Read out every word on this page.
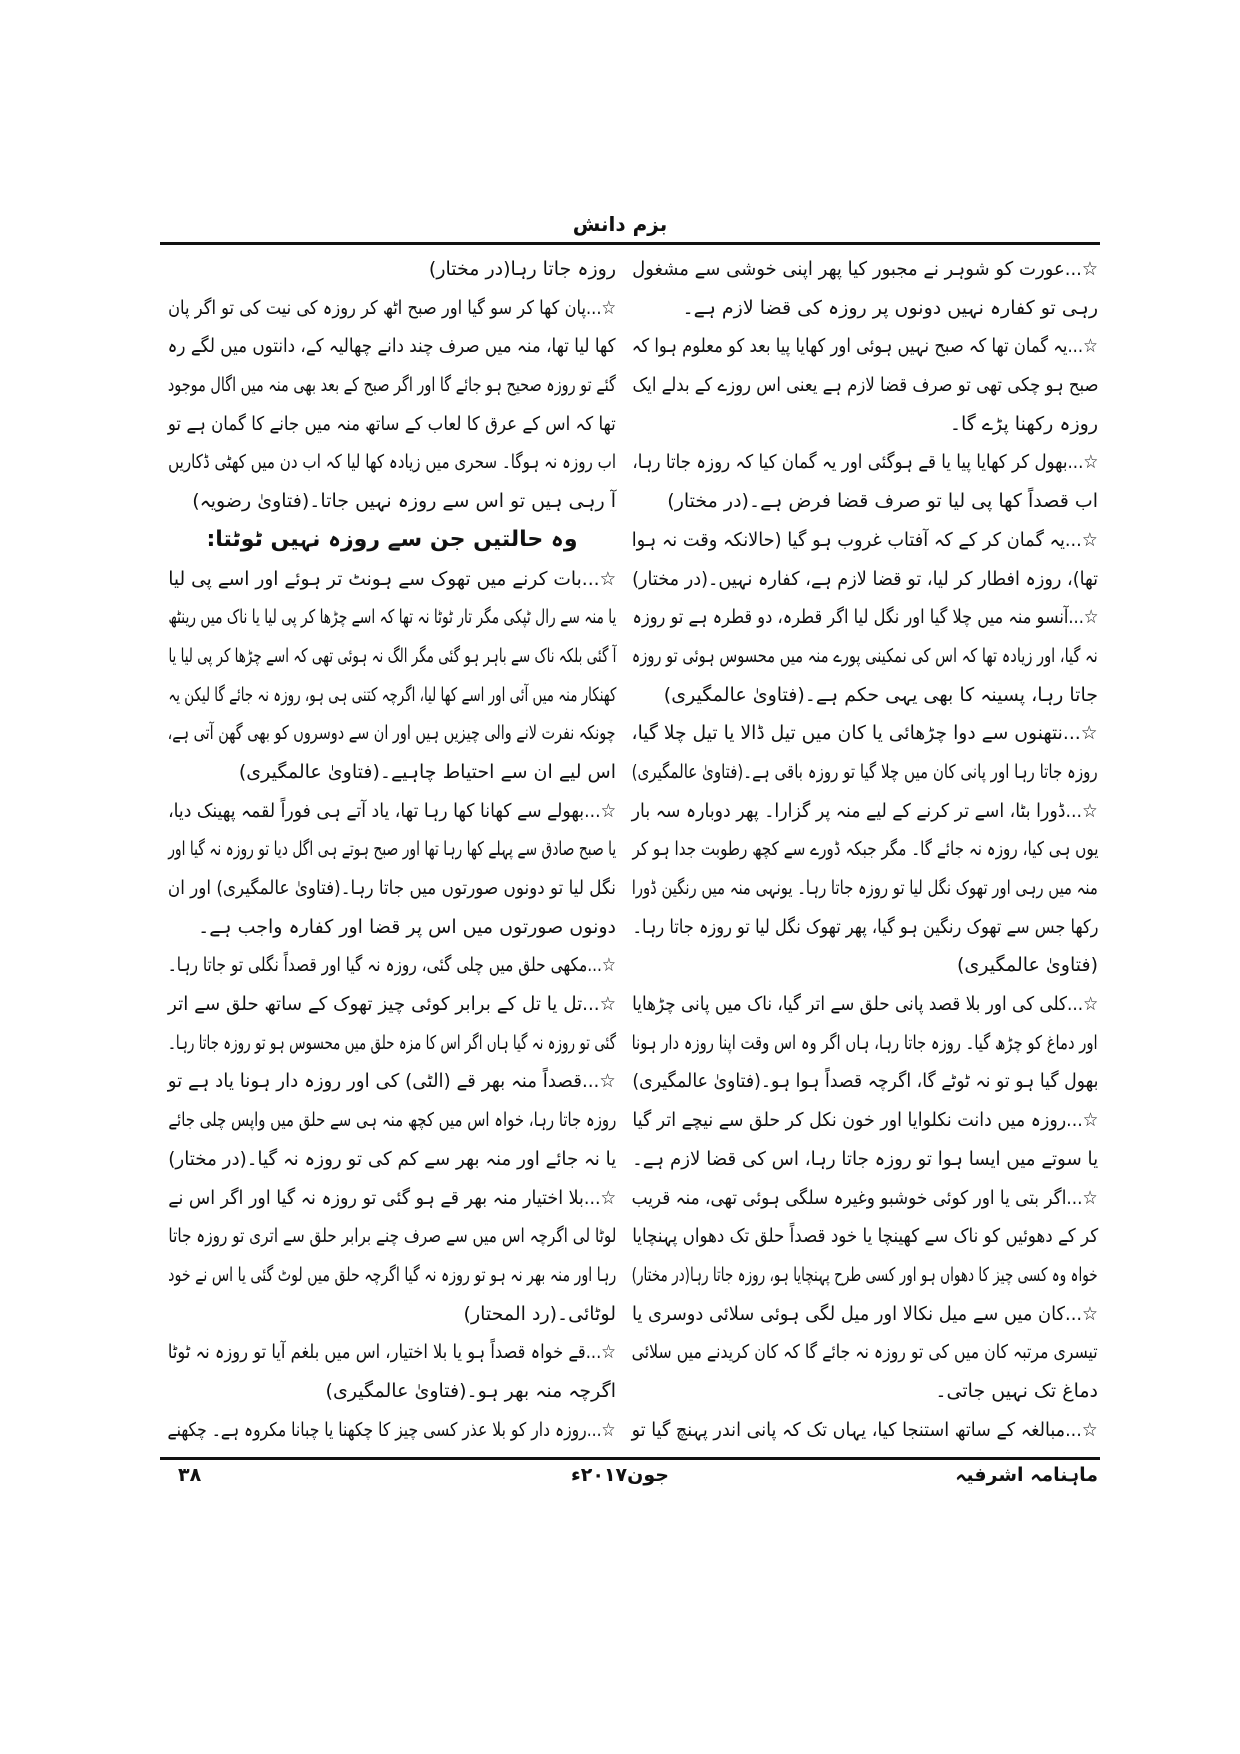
بزم دانش
☆...عورت کو شوہر نے مجبور کیا پھر اپنی خوشی سے مشغول
رہی تو کفارہ نہیں دونوں پر روزہ کی قضا لازم ہے۔
☆...یہ گمان تھا کہ صبح نہیں ہوئی اور کھایا پیا بعد کو معلوم ہوا کہ
صبح ہو چکی تھی تو صرف قضا لازم ہے یعنی اس روزے کے بدلے ایک
روزہ رکھنا پڑے گا۔
☆...بھول کر کھایا پیا یا قے ہوگئی اور یہ گمان کیا کہ روزہ جاتا رہا،
اب قصداً کھا پی لیا تو صرف قضا فرض ہے۔(در مختار)
☆...یہ گمان کر کے کہ آفتاب غروب ہو گیا (حالانکہ وقت نہ ہوا
تھا)، روزہ افطار کر لیا، تو قضا لازم ہے، کفارہ نہیں۔(در مختار)
☆...آنسو منہ میں چلا گیا اور نگل لیا اگر قطرہ، دو قطرہ ہے تو روزہ
نہ گیا، اور زیادہ تھا کہ اس کی نمکینی پورے منہ میں محسوس ہوئی تو روزہ
جاتا رہا، پسینہ کا بھی یہی حکم ہے۔(فتاویٰ عالمگیری)
☆...نتھنوں سے دوا چڑھائی یا کان میں تیل ڈالا یا تیل چلا گیا،
روزہ جاتا رہا اور پانی کان میں چلا گیا تو روزہ باقی ہے۔(فتاویٰ عالمگیری)
☆...ڈورا بٹا، اسے تر کرنے کے لیے منہ پر گزارا۔ پھر دوبارہ سہ بار
یوں ہی کیا، روزہ نہ جائے گا۔ مگر جبکہ ڈورے سے کچھ رطوبت جدا ہو کر
منہ میں رہی اور تھوک نگل لیا تو روزہ جاتا رہا۔ یونہی منہ میں رنگین ڈورا
رکھا جس سے تھوک رنگین ہو گیا، پھر تھوک نگل لیا تو روزہ جاتا رہا۔
(فتاویٰ عالمگیری)
☆...کلی کی اور بلا قصد پانی حلق سے اتر گیا، ناک میں پانی چڑھایا
اور دماغ کو چڑھ گیا۔ روزہ جاتا رہا، ہاں اگر وہ اس وقت اپنا روزہ دار ہونا
بھول گیا ہو تو نہ ٹوٹے گا، اگرچہ قصداً ہوا ہو۔(فتاویٰ عالمگیری)
☆...روزہ میں دانت نکلوایا اور خون نکل کر حلق سے نیچے اتر گیا
یا سوتے میں ایسا ہوا تو روزہ جاتا رہا، اس کی قضا لازم ہے۔
☆...اگر بتی یا اور کوئی خوشبو وغیرہ سلگی ہوئی تھی، منہ قریب
کر کے دھوئیں کو ناک سے کھینچا یا خود قصداً حلق تک دھواں پہنچایا
خواہ وہ کسی چیز کا دھواں ہو اور کسی طرح پہنچایا ہو، روزہ جاتا رہا(در مختار)
☆...کان میں سے میل نکالا اور میل لگی ہوئی سلائی دوسری یا
تیسری مرتبہ کان میں کی تو روزہ نہ جائے گا کہ کان کریدنے میں سلائی
دماغ تک نہیں جاتی۔
☆...مبالغہ کے ساتھ استنجا کیا، یہاں تک کہ پانی اندر پہنچ گیا تو
روزہ جاتا رہا(در مختار)
☆...پان کھا کر سو گیا اور صبح اٹھ کر روزہ کی نیت کی تو اگر پان
کھا لیا تھا، منہ میں صرف چند دانے چھالیہ کے، دانتوں میں لگے رہ
گئے تو روزہ صحیح ہو جائے گا اور اگر صبح کے بعد بھی منہ میں اگال موجود
تھا کہ اس کے عرق کا لعاب کے ساتھ منہ میں جانے کا گمان ہے تو
اب روزہ نہ ہوگا۔ سحری میں زیادہ کھا لیا کہ اب دن میں کھٹی ڈکاریں
آ رہی ہیں تو اس سے روزہ نہیں جاتا۔(فتاویٰ رضویہ)
وہ حالتیں جن سے روزہ نہیں ٹوٹتا:
☆...بات کرنے میں تھوک سے ہونٹ تر ہوئے اور اسے پی لیا
یا منہ سے رال ٹپکی مگر تار ٹوٹا نہ تھا کہ اسے چڑھا کر پی لیا یا ناک میں رینٹھ
آ گئی بلکہ ناک سے باہر ہو گئی مگر الگ نہ ہوئی تھی کہ اسے چڑھا کر پی لیا یا
کھنکار منہ میں آئی اور اسے کھا لیا، اگرچہ کتنی ہی ہو، روزہ نہ جائے گا لیکن یہ
چونکہ نفرت لانے والی چیزیں ہیں اور ان سے دوسروں کو بھی گھن آتی ہے،
اس لیے ان سے احتیاط چاہیے۔(فتاویٰ عالمگیری)
☆...بھولے سے کھانا کھا رہا تھا، یاد آتے ہی فوراً لقمہ پھینک دیا،
یا صبح صادق سے پہلے کھا رہا تھا اور صبح ہوتے ہی اگل دیا تو روزہ نہ گیا اور
نگل لیا تو دونوں صورتوں میں جاتا رہا۔(فتاویٰ عالمگیری) اور ان
دونوں صورتوں میں اس پر قضا اور کفارہ واجب ہے۔
☆...مکھی حلق میں چلی گئی، روزہ نہ گیا اور قصداً نگلی تو جاتا رہا۔
☆...تل یا تل کے برابر کوئی چیز تھوک کے ساتھ حلق سے اتر
گئی تو روزہ نہ گیا ہاں اگر اس کا مزہ حلق میں محسوس ہو تو روزہ جاتا رہا۔
☆...قصداً منہ بھر قے (الٹی) کی اور روزہ دار ہونا یاد ہے تو
روزہ جاتا رہا، خواہ اس میں کچھ منہ ہی سے حلق میں واپس چلی جائے
یا نہ جائے اور منہ بھر سے کم کی تو روزہ نہ گیا۔(در مختار)
☆...بلا اختیار منہ بھر قے ہو گئی تو روزہ نہ گیا اور اگر اس نے
لوٹا لی اگرچہ اس میں سے صرف چنے برابر حلق سے اتری تو روزہ جاتا
رہا اور منہ بھر نہ ہو تو روزہ نہ گیا اگرچہ حلق میں لوٹ گئی یا اس نے خود
لوٹائی۔(رد المحتار)
☆...قے خواہ قصداً ہو یا بلا اختیار، اس میں بلغم آیا تو روزہ نہ ٹوٹا
اگرچہ منہ بھر ہو۔(فتاویٰ عالمگیری)
☆...روزہ دار کو بلا عذر کسی چیز کا چکھنا یا چبانا مکروہ ہے۔ چکھنے
ماہنامہ اشرفیہ
جون۲۰۱۷ء
۳۸
